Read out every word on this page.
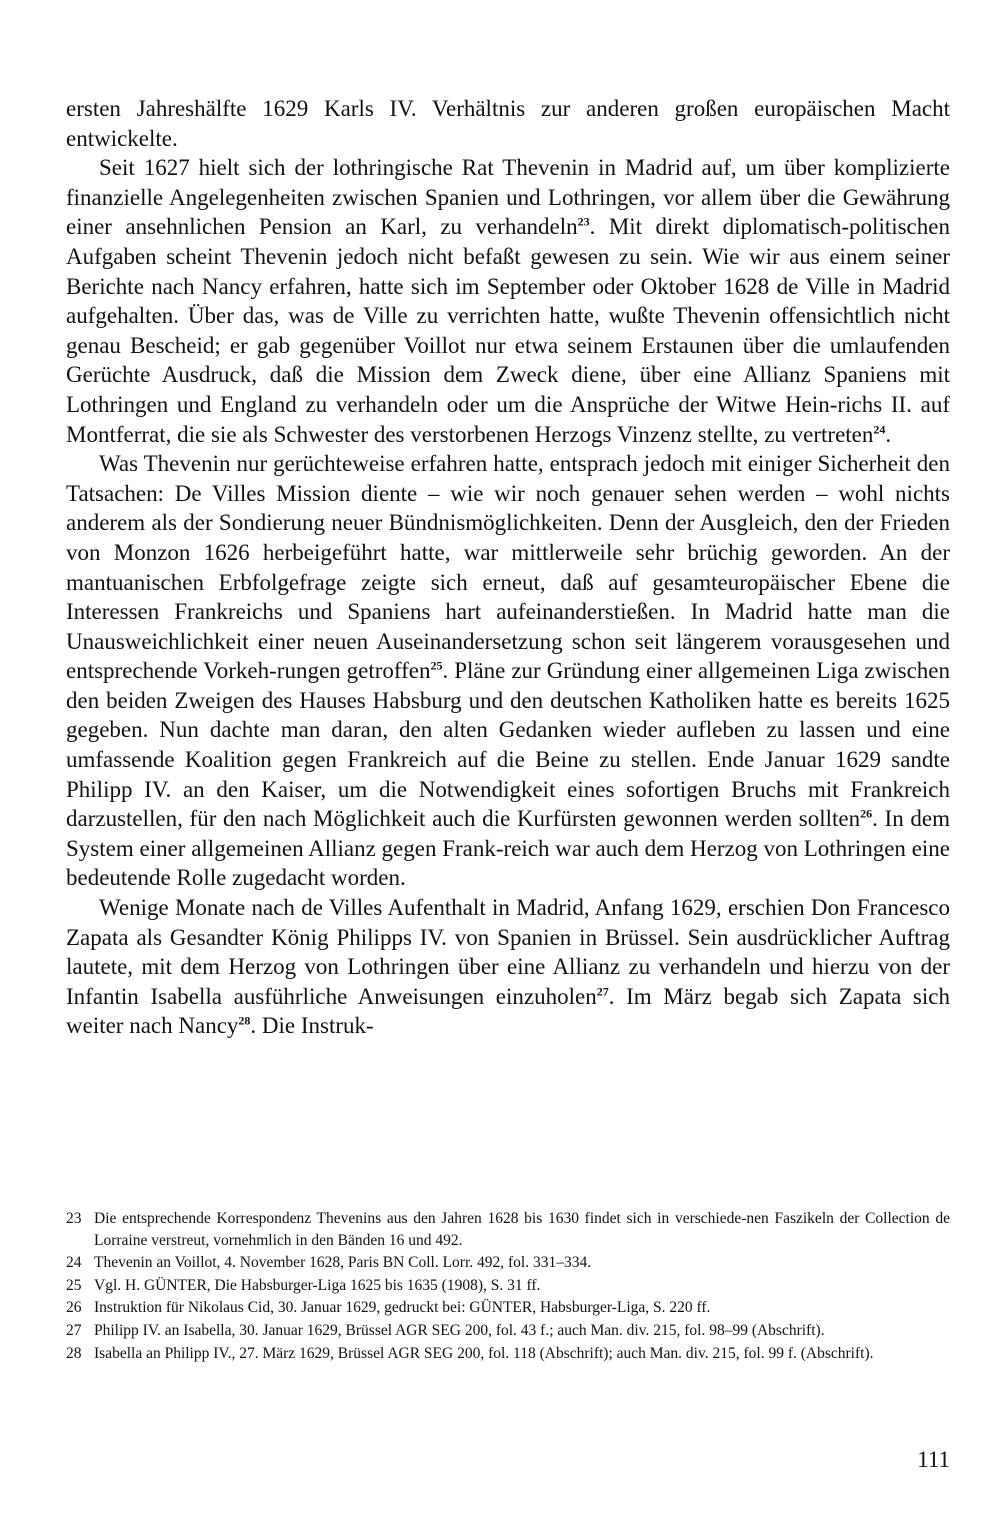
ersten Jahreshälfte 1629 Karls IV. Verhältnis zur anderen großen europäischen Macht entwickelte.

Seit 1627 hielt sich der lothringische Rat Thevenin in Madrid auf, um über komplizierte finanzielle Angelegenheiten zwischen Spanien und Lothringen, vor allem über die Gewährung einer ansehnlichen Pension an Karl, zu verhandeln$^{23}$. Mit direkt diplomatisch-politischen Aufgaben scheint Thevenin jedoch nicht befaßt gewesen zu sein. Wie wir aus einem seiner Berichte nach Nancy erfahren, hatte sich im September oder Oktober 1628 de Ville in Madrid aufgehalten. Über das, was de Ville zu verrichten hatte, wußte Thevenin offensichtlich nicht genau Bescheid; er gab gegenüber Voillot nur etwa seinem Erstaunen über die umlaufenden Gerüchte Ausdruck, daß die Mission dem Zweck diene, über eine Allianz Spaniens mit Lothringen und England zu verhandeln oder um die Ansprüche der Witwe Hein-richs II. auf Montferrat, die sie als Schwester des verstorbenen Herzogs Vinzenz stellte, zu vertreten$^{24}$.

Was Thevenin nur gerüchteweise erfahren hatte, entsprach jedoch mit einiger Sicherheit den Tatsachen: De Villes Mission diente – wie wir noch genauer sehen werden – wohl nichts anderem als der Sondierung neuer Bündnismöglichkeiten. Denn der Ausgleich, den der Frieden von Monzon 1626 herbeigeführt hatte, war mittlerweile sehr brüchig geworden. An der mantuanischen Erbfolgefrage zeigte sich erneut, daß auf gesamteuropäischer Ebene die Interessen Frankreichs und Spaniens hart aufeinanderstießen. In Madrid hatte man die Unausweichlichkeit einer neuen Auseinandersetzung schon seit längerem vorausgesehen und entsprechende Vorkeh-rungen getroffen$^{25}$. Pläne zur Gründung einer allgemeinen Liga zwischen den beiden Zweigen des Hauses Habsburg und den deutschen Katholiken hatte es bereits 1625 gegeben. Nun dachte man daran, den alten Gedanken wieder aufleben zu lassen und eine umfassende Koalition gegen Frankreich auf die Beine zu stellen. Ende Januar 1629 sandte Philipp IV. an den Kaiser, um die Notwendigkeit eines sofortigen Bruchs mit Frankreich darzustellen, für den nach Möglichkeit auch die Kurfürsten gewonnen werden sollten$^{26}$. In dem System einer allgemeinen Allianz gegen Frank-reich war auch dem Herzog von Lothringen eine bedeutende Rolle zugedacht worden.

Wenige Monate nach de Villes Aufenthalt in Madrid, Anfang 1629, erschien Don Francesco Zapata als Gesandter König Philipps IV. von Spanien in Brüssel. Sein ausdrücklicher Auftrag lautete, mit dem Herzog von Lothringen über eine Allianz zu verhandeln und hierzu von der Infantin Isabella ausführliche Anweisungen einzuholen$^{27}$. Im März begab sich Zapata sich weiter nach Nancy$^{28}$. Die Instruk-

23 Die entsprechende Korrespondenz Thevenins aus den Jahren 1628 bis 1630 findet sich in verschiede-nen Faszikeln der Collection de Lorraine verstreut, vornehmlich in den Bänden 16 und 492.
24 Thevenin an Voillot, 4. November 1628, Paris BN Coll. Lorr. 492, fol. 331–334.
25 Vgl. H. GÜNTER, Die Habsburger-Liga 1625 bis 1635 (1908), S. 31 ff.
26 Instruktion für Nikolaus Cid, 30. Januar 1629, gedruckt bei: GÜNTER, Habsburger-Liga, S. 220 ff.
27 Philipp IV. an Isabella, 30. Januar 1629, Brüssel AGR SEG 200, fol. 43 f.; auch Man. div. 215, fol. 98–99 (Abschrift).
28 Isabella an Philipp IV., 27. März 1629, Brüssel AGR SEG 200, fol. 118 (Abschrift); auch Man. div. 215, fol. 99 f. (Abschrift).
111
